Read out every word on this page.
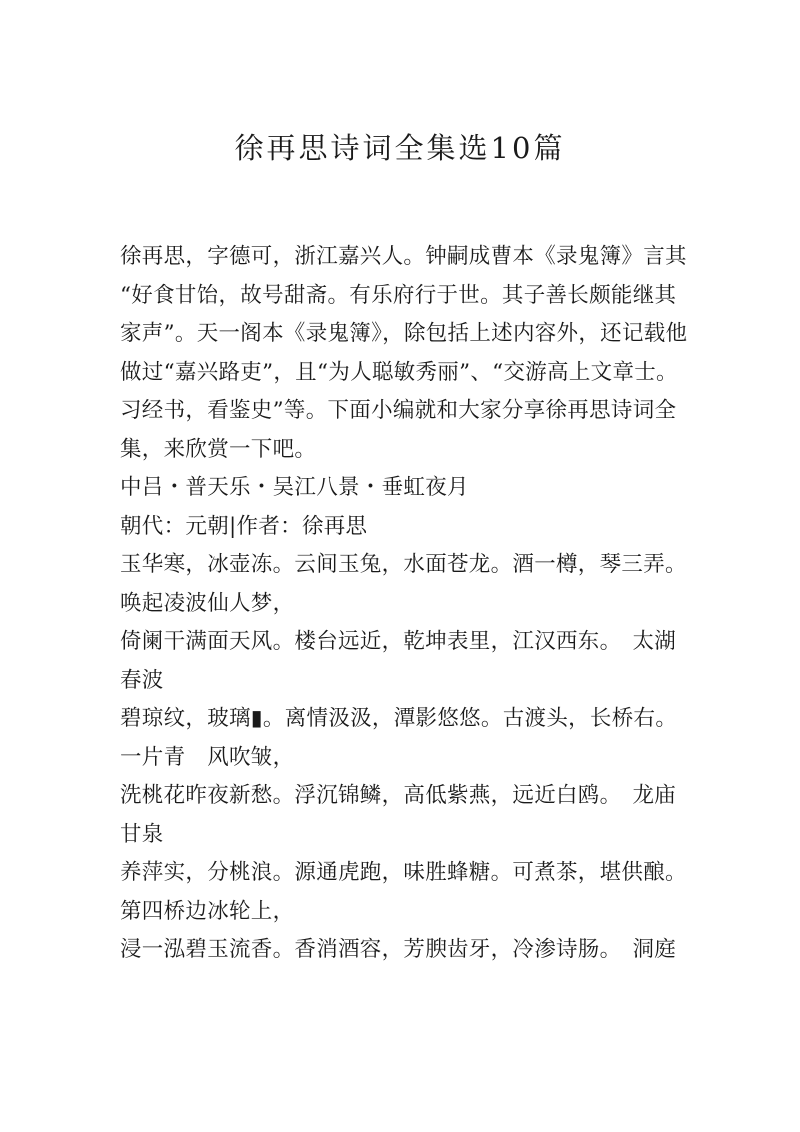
徐再思诗词全集选10篇
徐再思，字德可，浙江嘉兴人。钟嗣成曹本《录鬼簿》言其
“好食甘饴，故号甜斋。有乐府行于世。其子善长颇能继其
家声”。天一阁本《录鬼簿》，除包括上述内容外，还记载他
做过“嘉兴路吏”，且“为人聪敏秀丽”、“交游高上文章士。
习经书，看鉴史”等。下面小编就和大家分享徐再思诗词全
集，来欣赏一下吧。
中吕・普天乐・吴江八景・垂虹夜月
朝代：元朝|作者：徐再思
玉华寒，冰壶冻。云间玉兔，水面苍龙。酒一樽，琴三弄。
唤起凌波仙人梦，
倚阑干满面天风。楼台远近，乾坤表里，江汉西东。　太湖
春波
碧琼纹，玻璃▮。离情汲汲，潭影悠悠。古渡头，长桥右。
一片青　风吹皱，
洗桃花昨夜新愁。浮沉锦鳞，高低紫燕，远近白鸥。　龙庙
甘泉
养萍实，分桃浪。源通虎跑，味胜蜂糖。可煮茶，堪供酿。
第四桥边冰轮上，
浸一泓碧玉流香。香消酒容，芳腴齿牙，冷渗诗肠。　洞庭
